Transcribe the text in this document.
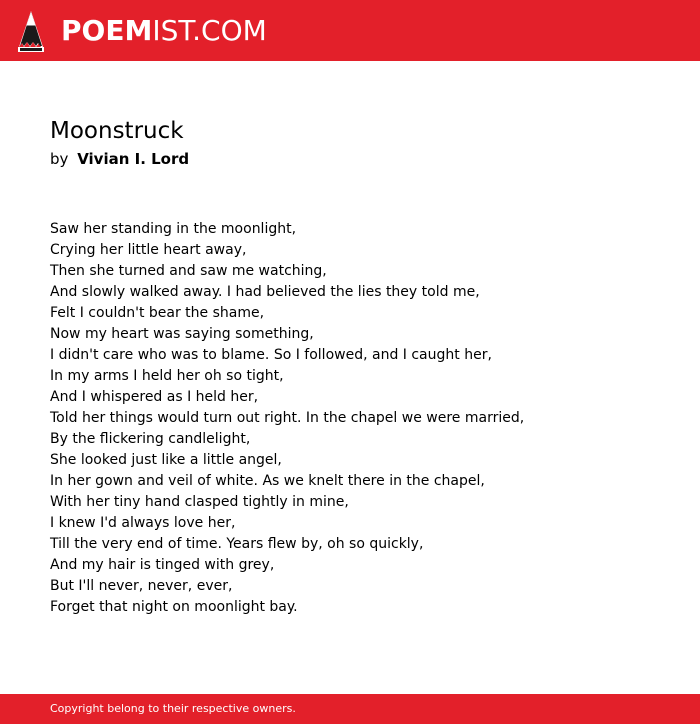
POEMIST.COM
Moonstruck
by Vivian I. Lord
Saw her standing in the moonlight,
Crying her little heart away,
Then she turned and saw me watching,
And slowly walked away. I had believed the lies they told me,
Felt I couldn't bear the shame,
Now my heart was saying something,
I didn't care who was to blame. So I followed, and I caught her,
In my arms I held her oh so tight,
And I whispered as I held her,
Told her things would turn out right. In the chapel we were married,
By the flickering candlelight,
She looked just like a little angel,
In her gown and veil of white. As we knelt there in the chapel,
With her tiny hand clasped tightly in mine,
I knew I'd always love her,
Till the very end of time. Years flew by, oh so quickly,
And my hair is tinged with grey,
But I'll never, never, ever,
Forget that night on moonlight bay.
Copyright belong to their respective owners.
